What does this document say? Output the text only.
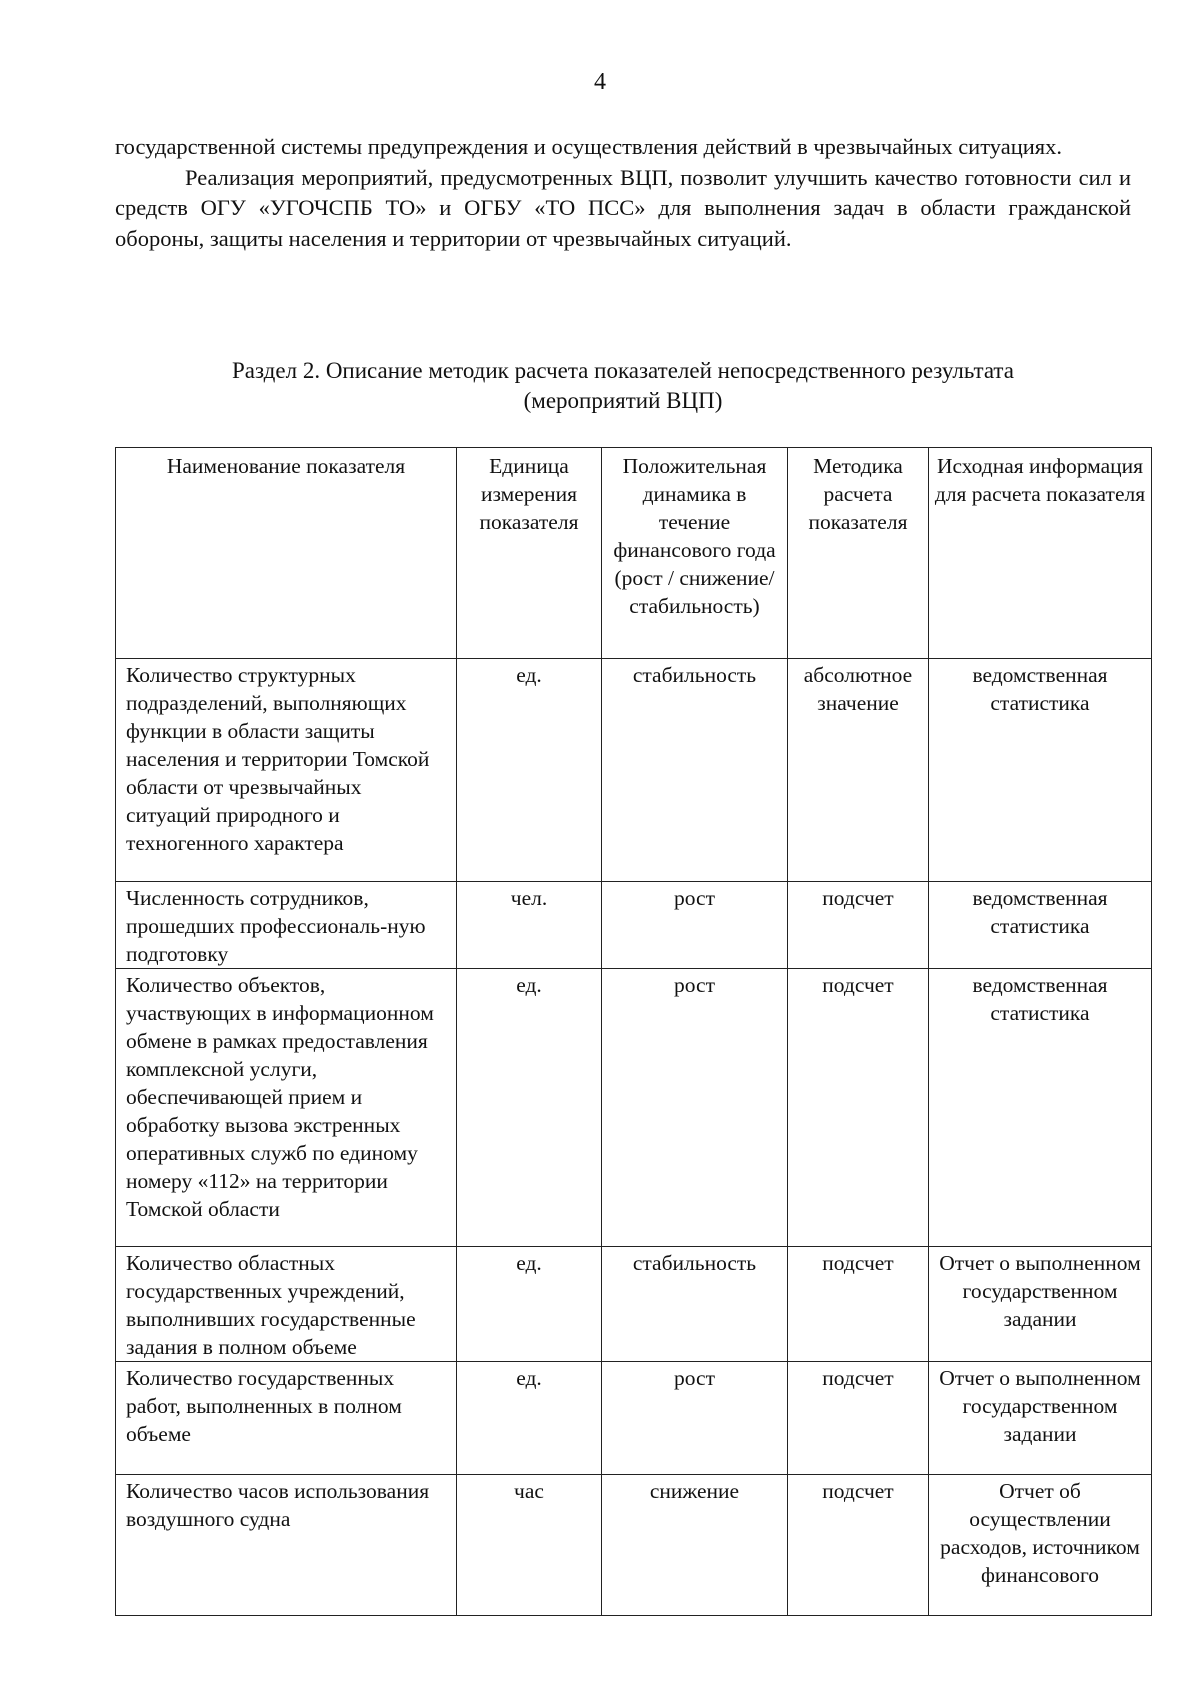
4

государственной системы предупреждения и осуществления действий в чрезвычайных ситуациях.

Реализация мероприятий, предусмотренных ВЦП, позволит улучшить качество готовности сил и средств ОГУ «УГОЧСПБ ТО» и ОГБУ «ТО ПСС» для выполнения задач в области гражданской обороны, защиты населения и территории от чрезвычайных ситуаций.

Раздел 2. Описание методик расчета показателей непосредственного результата
(мероприятий ВЦП)
Наименование показателя	Единица измерения показателя	Положительная динамика в течение финансового года (рост / снижение/ стабильность)	Методика расчета показателя	Исходная информация для расчета показателя
Количество структурных подразделений, выполняющих функции в области защиты населения и территории Томской области от чрезвычайных ситуаций природного и техногенного характера	ед.	стабильность	абсолютное значение	ведомственная статистика
Численность сотрудников, прошедших профессиональ-ную подготовку	чел.	рост	подсчет	ведомственная статистика
Количество объектов, участвующих в информационном обмене в рамках предоставления комплексной услуги, обеспечивающей прием и обработку вызова экстренных оперативных служб по единому номеру «112» на территории Томской области	ед.	рост	подсчет	ведомственная статистика
Количество областных государственных учреждений, выполнивших государственные задания в полном объеме	ед.	стабильность	подсчет	Отчет о выполненном государственном задании
Количество государственных работ, выполненных в полном объеме	ед.	рост	подсчет	Отчет о выполненном государственном задании
Количество часов использования воздушного судна	час	снижение	подсчет	Отчет об осуществлении расходов, источником финансового
